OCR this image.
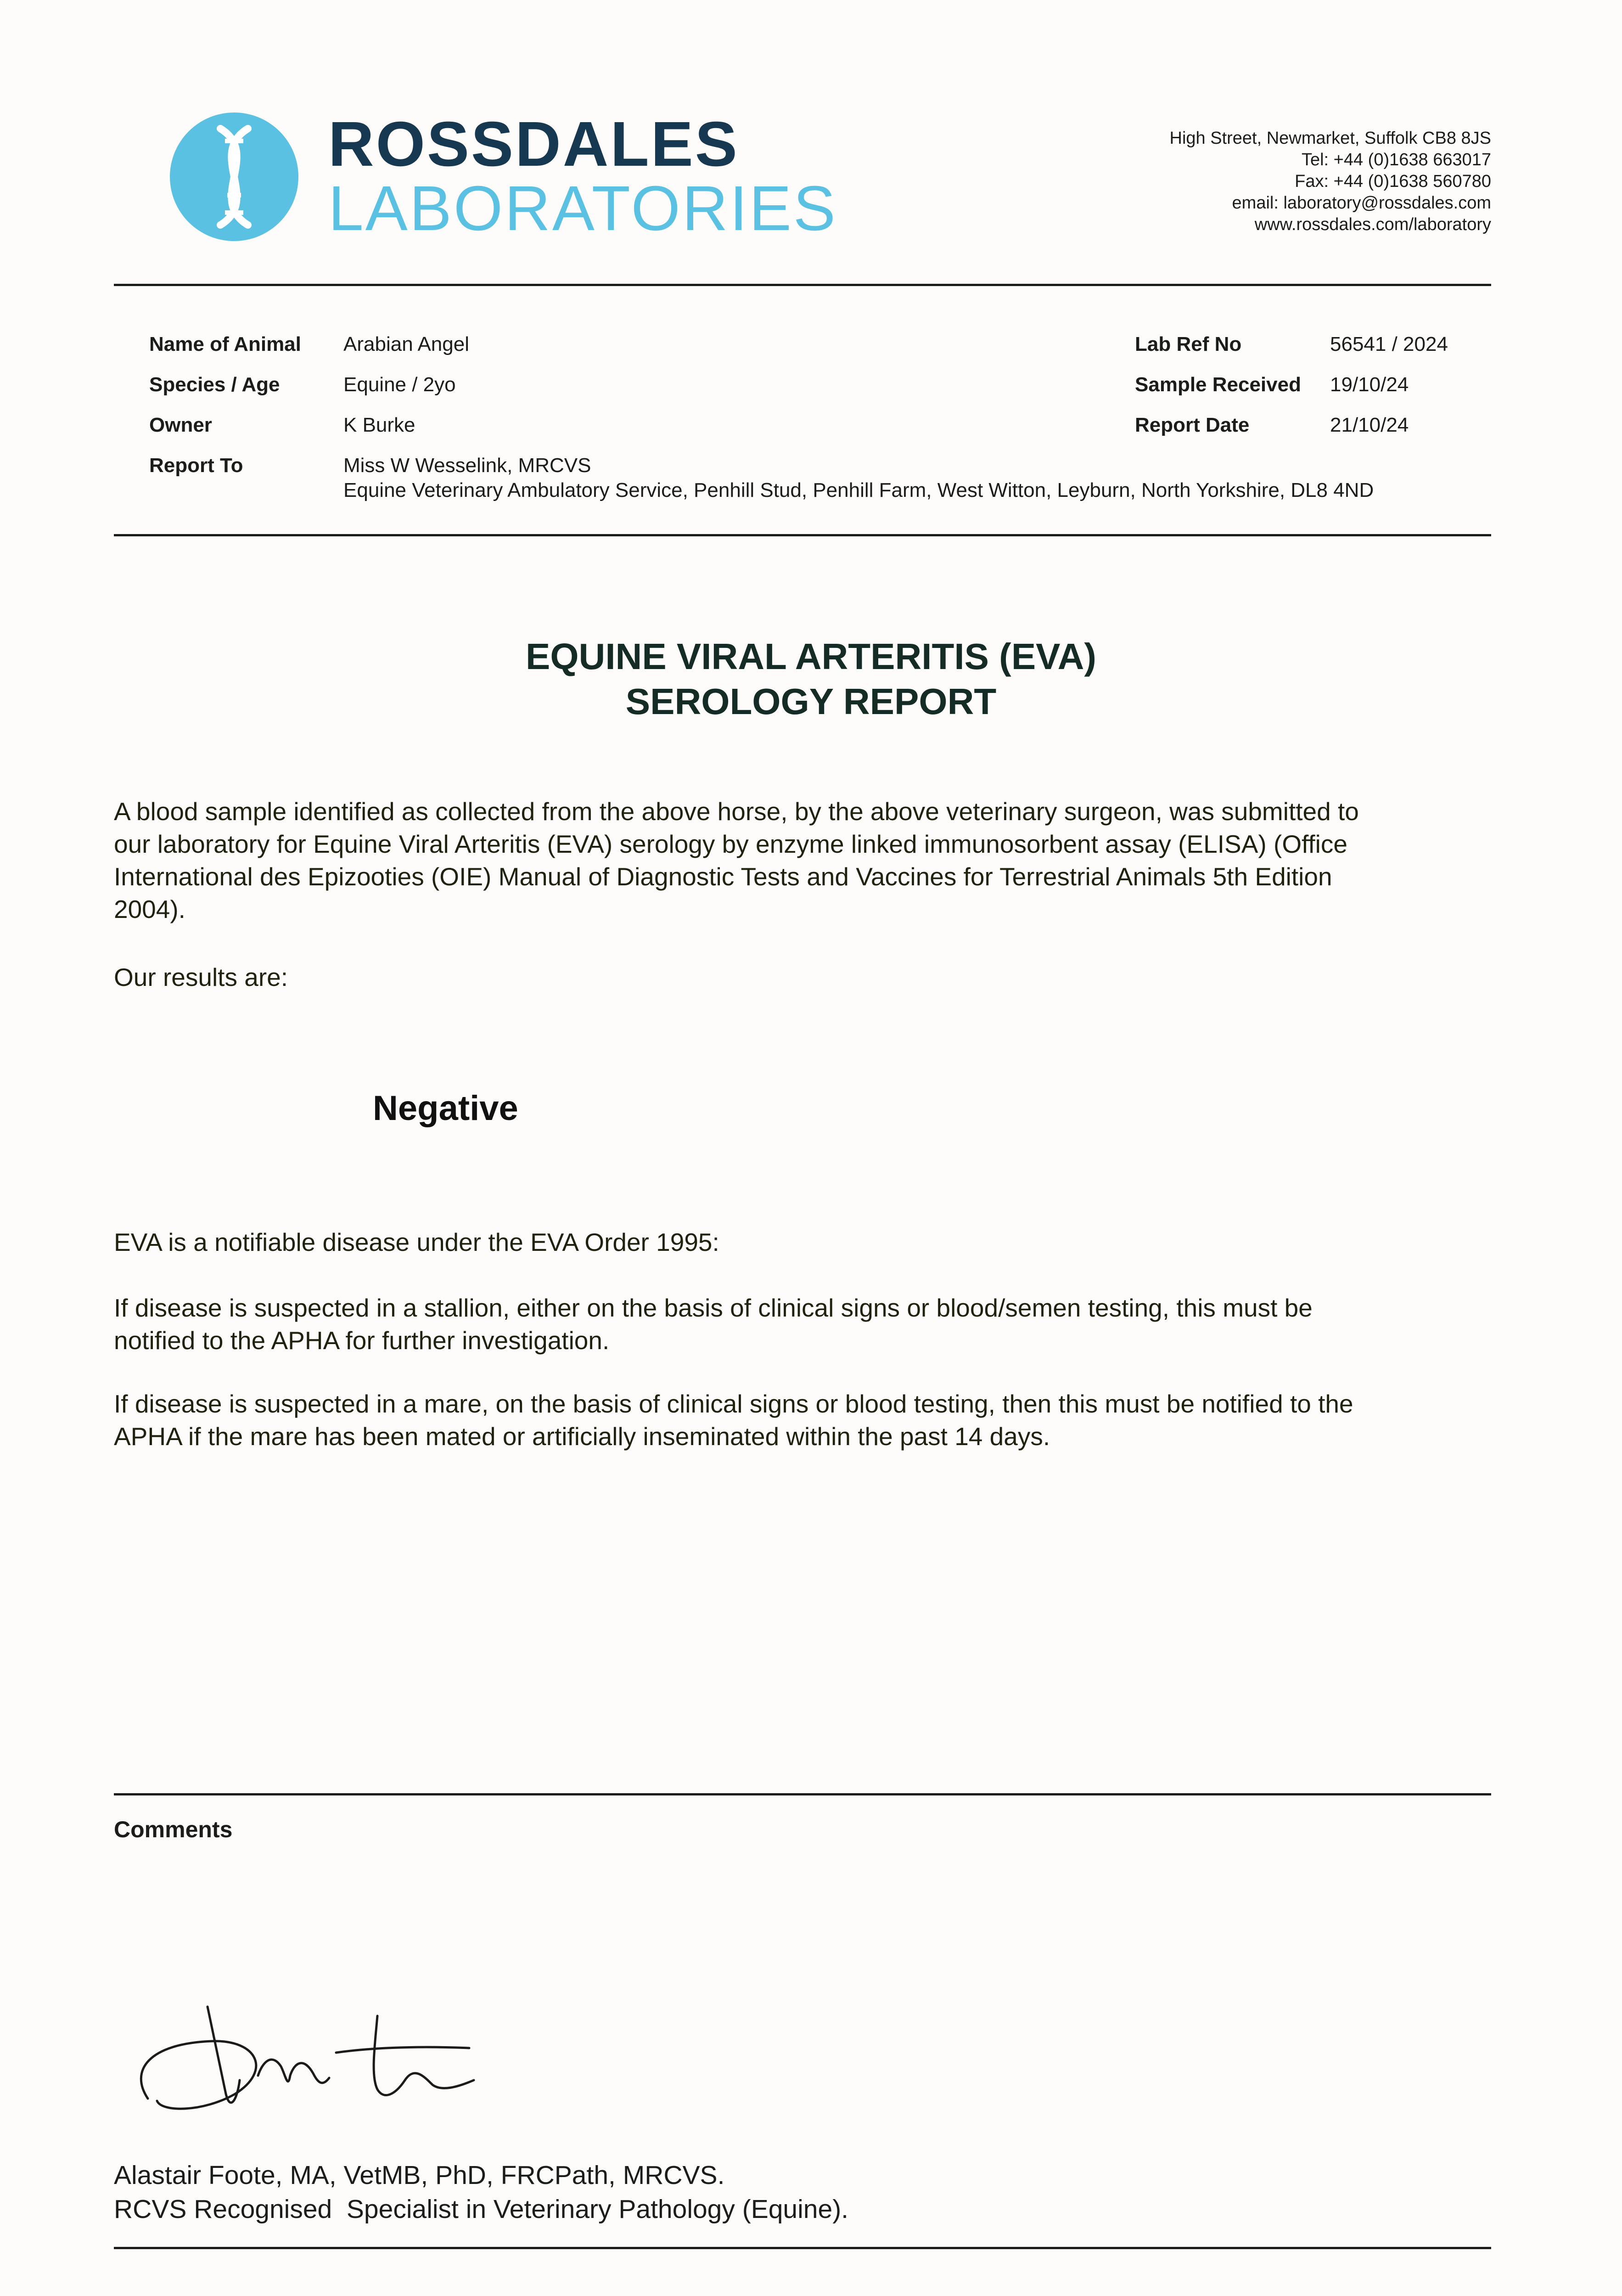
ROSSDALES
LABORATORIES
High Street, Newmarket, Suffolk CB8 8JS
Tel: +44 (0)1638 663017
Fax: +44 (0)1638 560780
email: laboratory@rossdales.com
www.rossdales.com/laboratory
Name of Animal Arabian Angel
Species / Age	Equine / 2yo
Owner	K Burke
Report To	Miss W Wesselink, MRCVS
Equine Veterinary Ambulatory Service, Penhill Stud, Penhill Farm, West Witton, Leyburn, North Yorkshire, DL8 4ND
Lab Ref No	56541 / 2024
Sample Received 19/10/24
Report Date	21/10/24
EQUINE VIRAL ARTERITIS (EVA)
SEROLOGY REPORT
A blood sample identified as collected from the above horse, by the above veterinary surgeon, was submitted to
our laboratory for Equine Viral Arteritis (EVA) serology by enzyme linked immunosorbent assay (ELISA) (Office
International des Epizooties (OIE) Manual of Diagnostic Tests and Vaccines for Terrestrial Animals 5th Edition
2004).
Our results are:
Negative
EVA is a notifiable disease under the EVA Order 1995:
If disease is suspected in a stallion, either on the basis of clinical signs or blood/semen testing, this must be
notified to the APHA for further investigation.
If disease is suspected in a mare, on the basis of clinical signs or blood testing, then this must be notified to the
APHA if the mare has been mated or artificially inseminated within the past 14 days.
Comments
Alastair Foote, MA, VetMB, PhD, FRCPath, MRCVS.
RCVS Recognised  Specialist in Veterinary Pathology (Equine).
